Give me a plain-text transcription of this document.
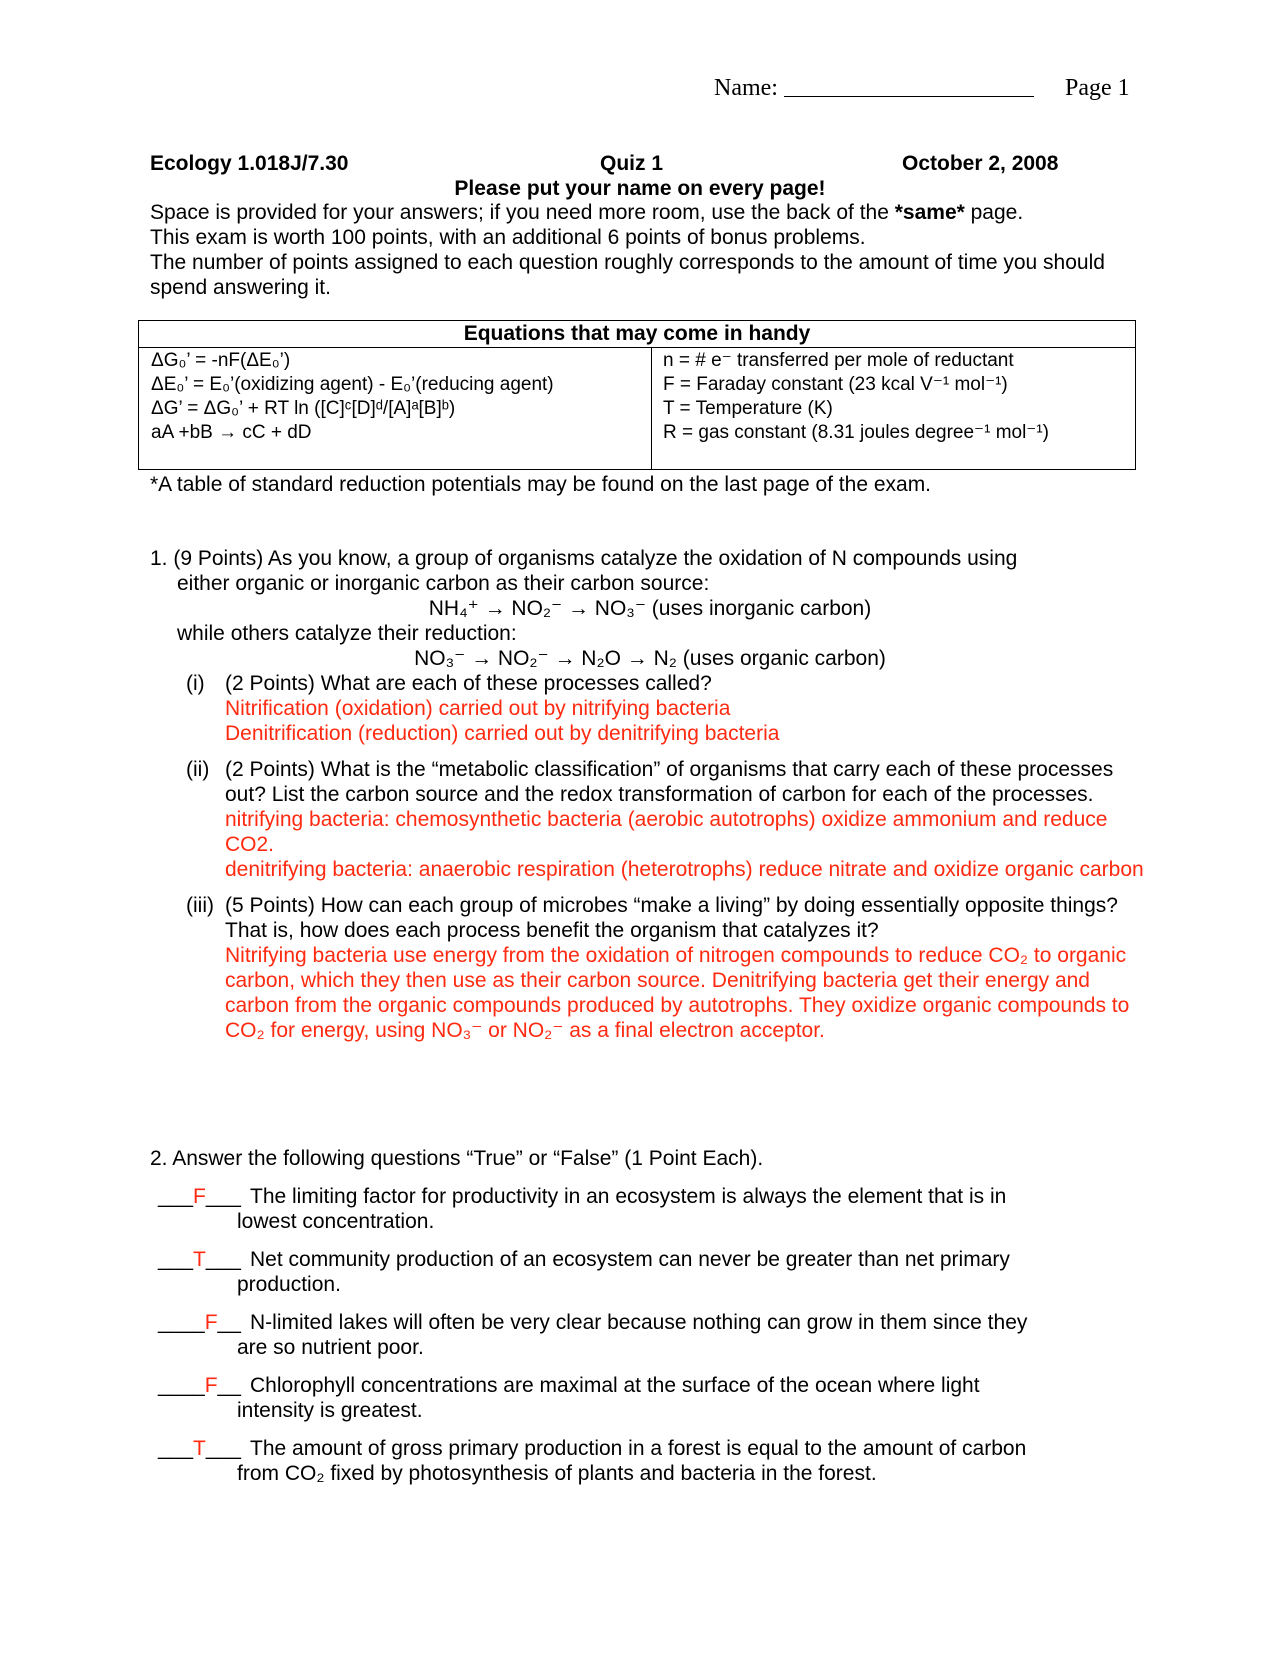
Name:	Page 1
Ecology 1.018J/7.30	Quiz 1	October 2, 2008
Please put your name on every page!

Space is provided for your answers; if you need more room, use the back of the *same* page.

This exam is worth 100 points, with an additional 6 points of bonus problems.

The number of points assigned to each question roughly corresponds to the amount of time you should spend answering it.

Equations that may come in handy
ΔG₀’ = -nF(ΔE₀’)
ΔE₀’ = E₀’(oxidizing agent) - E₀’(reducing agent)
ΔG’ = ΔG₀’ + RT ln ([C]ᶜ[D]ᵈ/[A]ᵃ[B]ᵇ)
aA +bB → cC + dD
n = # e⁻ transferred per mole of reductant
F = Faraday constant (23 kcal V⁻¹ mol⁻¹)
T = Temperature (K)
R = gas constant (8.31 joules degree⁻¹ mol⁻¹)
*A table of standard reduction potentials may be found on the last page of the exam.
1. (9 Points) As you know, a group of organisms catalyze the oxidation of N compounds using
either organic or inorganic carbon as their carbon source:
NH₄⁺ → NO₂⁻ → NO₃⁻ (uses inorganic carbon)
while others catalyze their reduction:
NO₃⁻ → NO₂⁻ → N₂O → N₂ (uses organic carbon)
(i) (2 Points) What are each of these processes called?
Nitrification (oxidation) carried out by nitrifying bacteria
Denitrification (reduction) carried out by denitrifying bacteria
(ii) (2 Points) What is the “metabolic classification” of organisms that carry each of these processes out? List the carbon source and the redox transformation of carbon for each of the processes.
nitrifying bacteria: chemosynthetic bacteria (aerobic autotrophs) oxidize ammonium and reduce CO2.
denitrifying bacteria: anaerobic respiration (heterotrophs) reduce nitrate and oxidize organic carbon
(iii) (5 Points) How can each group of microbes “make a living” by doing essentially opposite things? That is, how does each process benefit the organism that catalyzes it?
Nitrifying bacteria use energy from the oxidation of nitrogen compounds to reduce CO₂ to organic carbon, which they then use as their carbon source. Denitrifying bacteria get their energy and carbon from the organic compounds produced by autotrophs. They oxidize organic compounds to CO₂ for energy, using NO₃⁻ or NO₂⁻ as a final electron acceptor.
2. Answer the following questions “True” or “False” (1 Point Each).
___F___ The limiting factor for productivity in an ecosystem is always the element that is in
lowest concentration.
___T___ Net community production of an ecosystem can never be greater than net primary
production.
____F__ N-limited lakes will often be very clear because nothing can grow in them since they
are so nutrient poor.
____F__ Chlorophyll concentrations are maximal at the surface of the ocean where light
intensity is greatest.
___T___ The amount of gross primary production in a forest is equal to the amount of carbon
from CO₂ fixed by photosynthesis of plants and bacteria in the forest.
